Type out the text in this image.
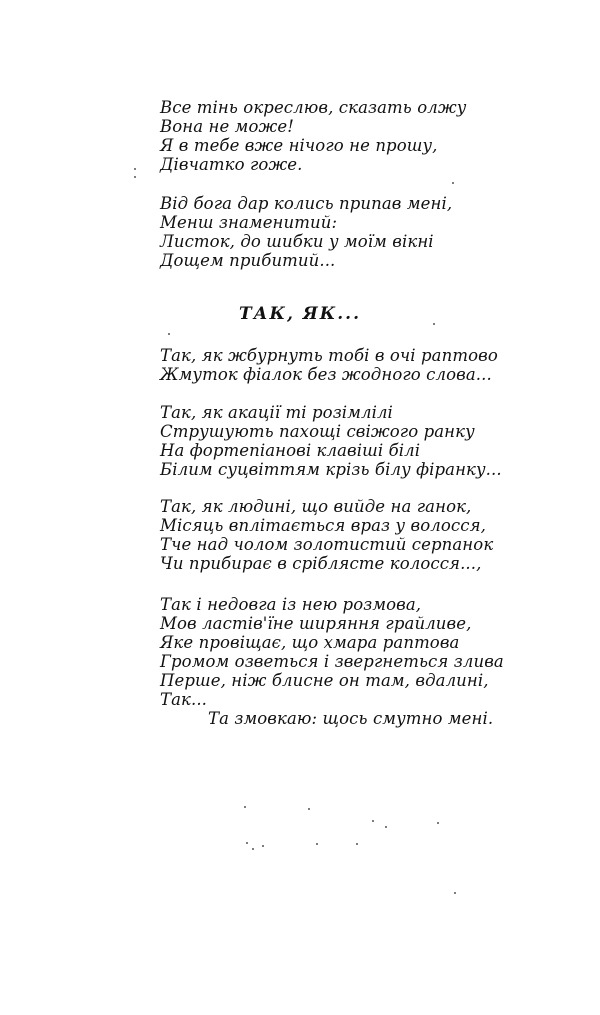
Все тінь окреслюв, сказать олжу
Вона не може!
Я в тебе вже нічого не прошу,
Дівчатко гоже.
Від бога дар колись припав мені,
Менш знаменитий:
Листок, до шибки у моїм вікні
Дощем прибитий...
ТАК, ЯК...
Так, як жбурнуть тобі в очі раптово
Жмуток фіалок без жодного слова...
Так, як акації ті розімлілі
Струшують пахощі свіжого ранку
На фортепіанові клавіші білі
Білим суцвіттям крізь білу фіранку...
Так, як людині, що вийде на ганок,
Місяць вплітається враз у волосся,
Тче над чолом золотистий серпанок
Чи прибирає в сріблясте колосся...,
Так і недовга із нею розмова,
Мов ластів'їне ширяння грайливе,
Яке провіщає, що хмара раптова
Громом озветься і звергнеться злива
Перше, ніж блисне он там, вдалині,
Так...
Та змовкаю: щось смутно мені.
